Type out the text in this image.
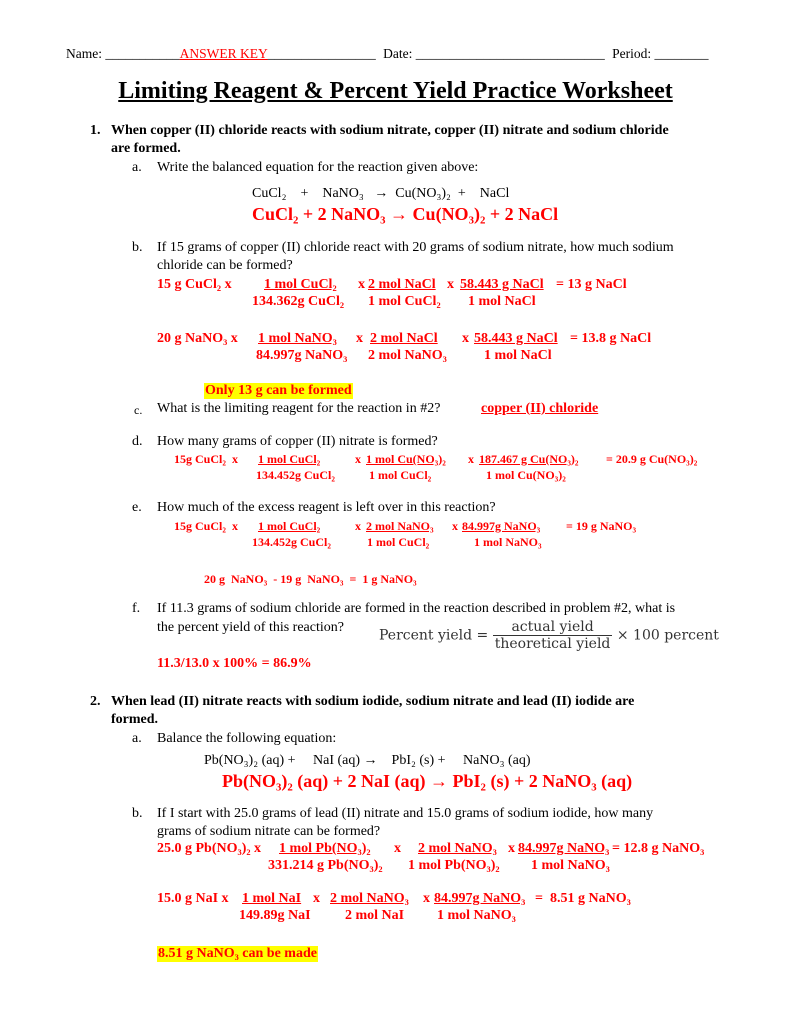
Name: ___________ANSWER KEY________________ Date: ____________________________ Period: ________
Limiting Reagent & Percent Yield Practice Worksheet
1. When copper (II) chloride reacts with sodium nitrate, copper (II) nitrate and sodium chloride
are formed.
a. Write the balanced equation for the reaction given above:
CuCl₂    +    NaNO₃   →  Cu(NO₃)₂  +    NaCl
CuCl₂ + 2 NaNO₃ → Cu(NO₃)₂ + 2 NaCl
b. If 15 grams of copper (II) chloride react with 20 grams of sodium nitrate, how much sodium
chloride can be formed?
15 g CuCl₂ x 1 mol CuCl₂ x 2 mol NaCl x 58.443 g NaCl = 13 g NaCl
134.362g CuCl₂ 1 mol CuCl₂ 1 mol NaCl
20 g NaNO₃ x 1 mol NaNO₃ x 2 mol NaCl x 58.443 g NaCl = 13.8 g NaCl
84.997g NaNO₃ 2 mol NaNO₃	1 mol NaCl
Only 13 g can be formed
c. What is the limiting reagent for the reaction in #2?	copper (II) chloride
d. How many grams of copper (II) nitrate is formed?
15g CuCl₂  x 1 mol CuCl₂	x 1 mol Cu(NO₃)₂ x 187.467 g Cu(NO₃)₂ = 20.9 g Cu(NO₃)₂
134.452g CuCl₂	1 mol CuCl₂	1 mol Cu(NO₃)₂
e. How much of the excess reagent is left over in this reaction?
15g CuCl₂  x 1 mol CuCl₂	x 2 mol NaNO₃ x 84.997g NaNO₃ = 19 g NaNO₃
134.452g CuCl₂	1 mol CuCl₂	1 mol NaNO₃
20 g  NaNO₃  - 19 g  NaNO₃  =  1 g NaNO₃
f. If 11.3 grams of sodium chloride are formed in the reaction described in problem #2, what is
the percent yield of this reaction?	Percent yield = $\frac{\text{actual yield}}{\text{theoretical yield}} \times 100$ percent
11.3/13.0 x 100% = 86.9%
2. When lead (II) nitrate reacts with sodium iodide, sodium nitrate and lead (II) iodide are
formed.
a. Balance the following equation:
Pb(NO₃)₂ (aq) +     NaI (aq) →    PbI₂ (s) +     NaNO₃ (aq)
Pb(NO₃)₂ (aq) + 2 NaI (aq) → PbI₂ (s) + 2 NaNO₃ (aq)
b. If I start with 25.0 grams of lead (II) nitrate and 15.0 grams of sodium iodide, how many
grams of sodium nitrate can be formed?
25.0 g Pb(NO₃)₂ x 1 mol Pb(NO₃)₂ x 2 mol NaNO₃ x 84.997g NaNO₃ = 12.8 g NaNO₃
331.214 g Pb(NO₃)₂ 1 mol Pb(NO₃)₂ 1 mol NaNO₃
15.0 g NaI x 1 mol NaI x 2 mol NaNO₃ x 84.997g NaNO₃ =  8.51 g NaNO₃
149.89g NaI 2 mol NaI 1 mol NaNO₃
8.51 g NaNO₃ can be made
